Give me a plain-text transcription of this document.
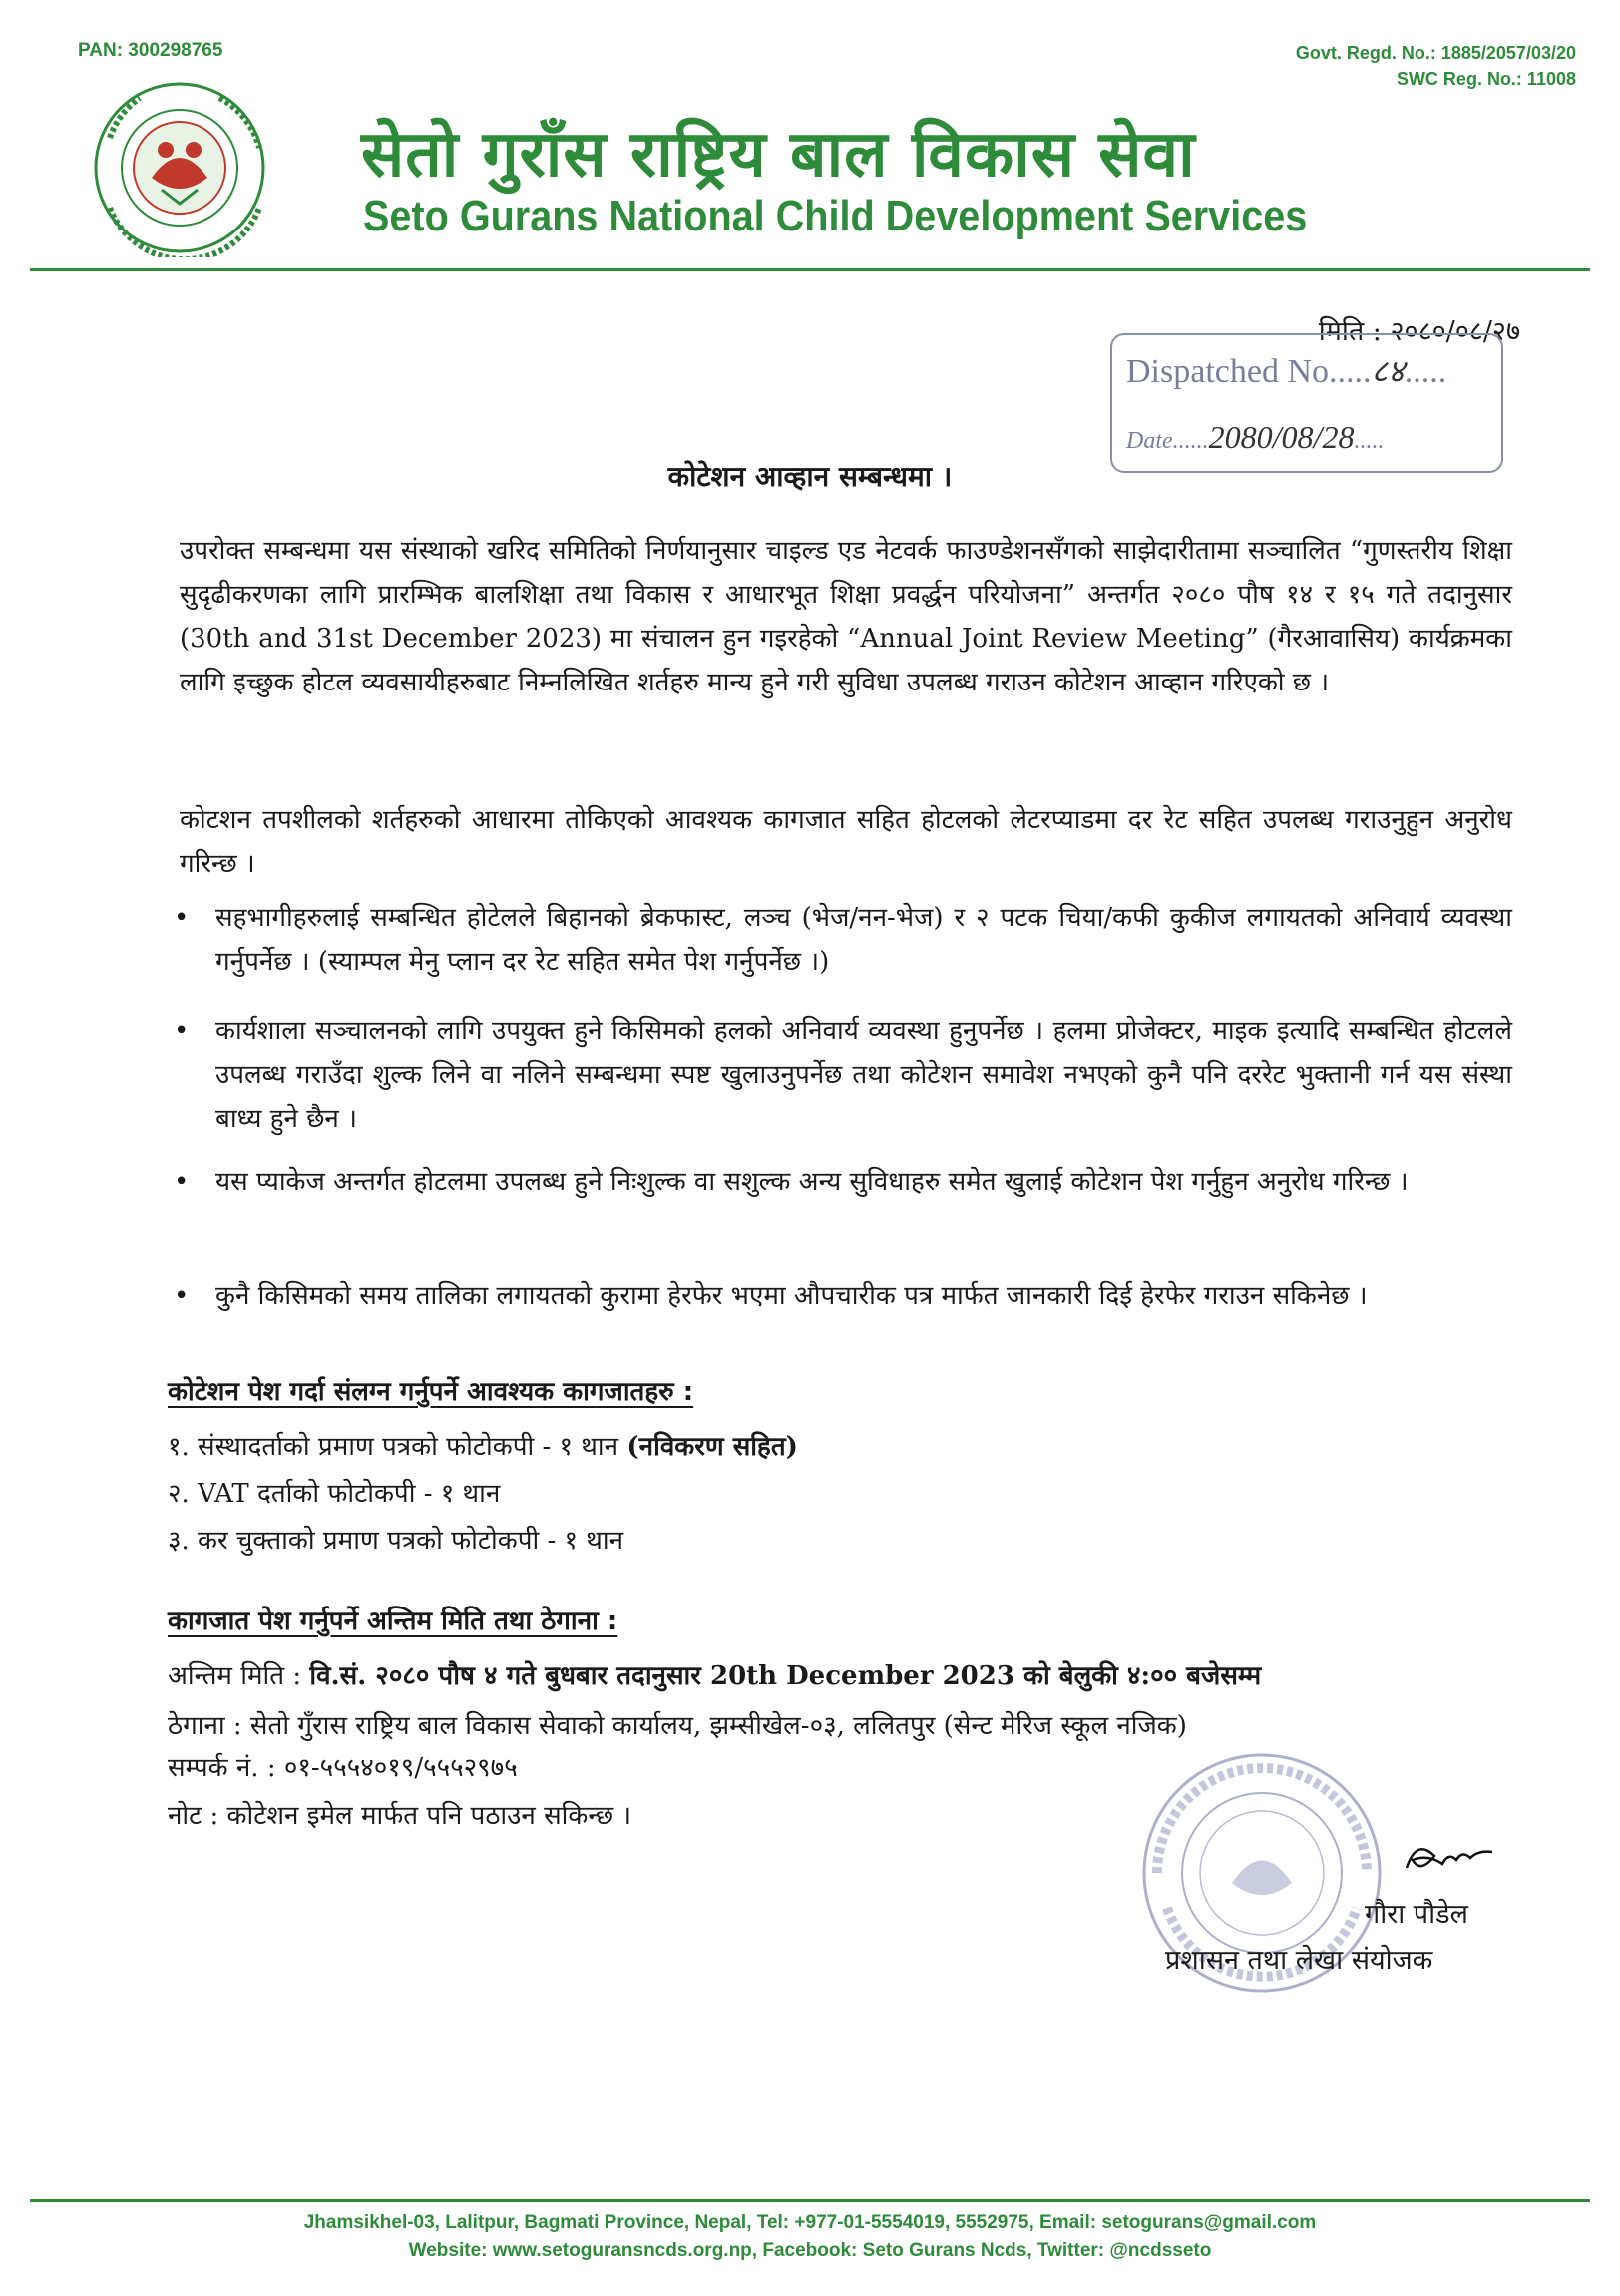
PAN: 300298765	Govt. Regd. No.: 1885/2057/03/20
SWC Reg. No.: 11008
सेतो गुराँस राष्ट्रिय बाल विकास सेवा
Seto Gurans National Child Development Services
मिति : २०८०/०८/२७
Dispatched No.....८४.....
Date......2080/08/28.....
कोटेशन आव्हान सम्बन्धमा ।
उपरोक्त सम्बन्धमा यस संस्थाको खरिद समितिको निर्णयानुसार चाइल्ड एड नेटवर्क फाउण्डेशनसँगको साझेदारीतामा सञ्चालित “गुणस्तरीय शिक्षा सुदृढीकरणका लागि प्रारम्भिक बालशिक्षा तथा विकास र आधारभूत शिक्षा प्रवर्द्धन परियोजना” अन्तर्गत २०८० पौष १४ र १५ गते तदानुसार (30th and 31st December 2023) मा संचालन हुन गइरहेको “Annual Joint Review Meeting” (गैरआवासिय) कार्यक्रमका लागि इच्छुक होटल व्यवसायीहरुबाट निम्नलिखित शर्तहरु मान्य हुने गरी सुविधा उपलब्ध गराउन कोटेशन आव्हान गरिएको छ ।
कोटशन तपशीलको शर्तहरुको आधारमा तोकिएको आवश्यक कागजात सहित होटलको लेटरप्याडमा दर रेट सहित उपलब्ध गराउनुहुन अनुरोध गरिन्छ ।
• सहभागीहरुलाई सम्बन्धित होटेलले बिहानको ब्रेकफास्ट, लञ्च (भेज/नन-भेज) र २ पटक चिया/कफी कुकीज लगायतको अनिवार्य व्यवस्था गर्नुपर्नेछ । (स्याम्पल मेनु प्लान दर रेट सहित समेत पेश गर्नुपर्नेछ ।)
• कार्यशाला सञ्चालनको लागि उपयुक्त हुने किसिमको हलको अनिवार्य व्यवस्था हुनुपर्नेछ । हलमा प्रोजेक्टर, माइक इत्यादि सम्बन्धित होटलले उपलब्ध गराउँदा शुल्क लिने वा नलिने सम्बन्धमा स्पष्ट खुलाउनुपर्नेछ तथा कोटेशन समावेश नभएको कुनै पनि दररेट भुक्तानी गर्न यस संस्था बाध्य हुने छैन ।
• यस प्याकेज अन्तर्गत होटलमा उपलब्ध हुने निःशुल्क वा सशुल्क अन्य सुविधाहरु समेत खुलाई कोटेशन पेश गर्नुहुन अनुरोध गरिन्छ ।
• कुनै किसिमको समय तालिका लगायतको कुरामा हेरफेर भएमा औपचारीक पत्र मार्फत जानकारी दिई हेरफेर गराउन सकिनेछ ।
कोटेशन पेश गर्दा संलग्न गर्नुपर्ने आवश्यक कागजातहरु :
१. संस्थादर्ताको प्रमाण पत्रको फोटोकपी - १ थान (नविकरण सहित)
२. VAT दर्ताको फोटोकपी - १ थान
३. कर चुक्ताको प्रमाण पत्रको फोटोकपी - १ थान
कागजात पेश गर्नुपर्ने अन्तिम मिति तथा ठेगाना :
अन्तिम मिति : वि.सं. २०८० पौष ४ गते बुधबार तदानुसार 20th December 2023 को बेलुकी ४:०० बजेसम्म
ठेगाना : सेतो गुँरास राष्ट्रिय बाल विकास सेवाको कार्यालय, झम्सीखेल-०३, ललितपुर (सेन्ट मेरिज स्कूल नजिक)
सम्पर्क नं. : ०१-५५५४०१९/५५५२९७५
नोट : कोटेशन इमेल मार्फत पनि पठाउन सकिन्छ ।
गौरा पौडेल
प्रशासन तथा लेखा संयोजक
Jhamsikhel-03, Lalitpur, Bagmati Province, Nepal, Tel: +977-01-5554019, 5552975, Email: setogurans@gmail.com
Website: www.setoguransncds.org.np, Facebook: Seto Gurans Ncds, Twitter: @ncdsseto
